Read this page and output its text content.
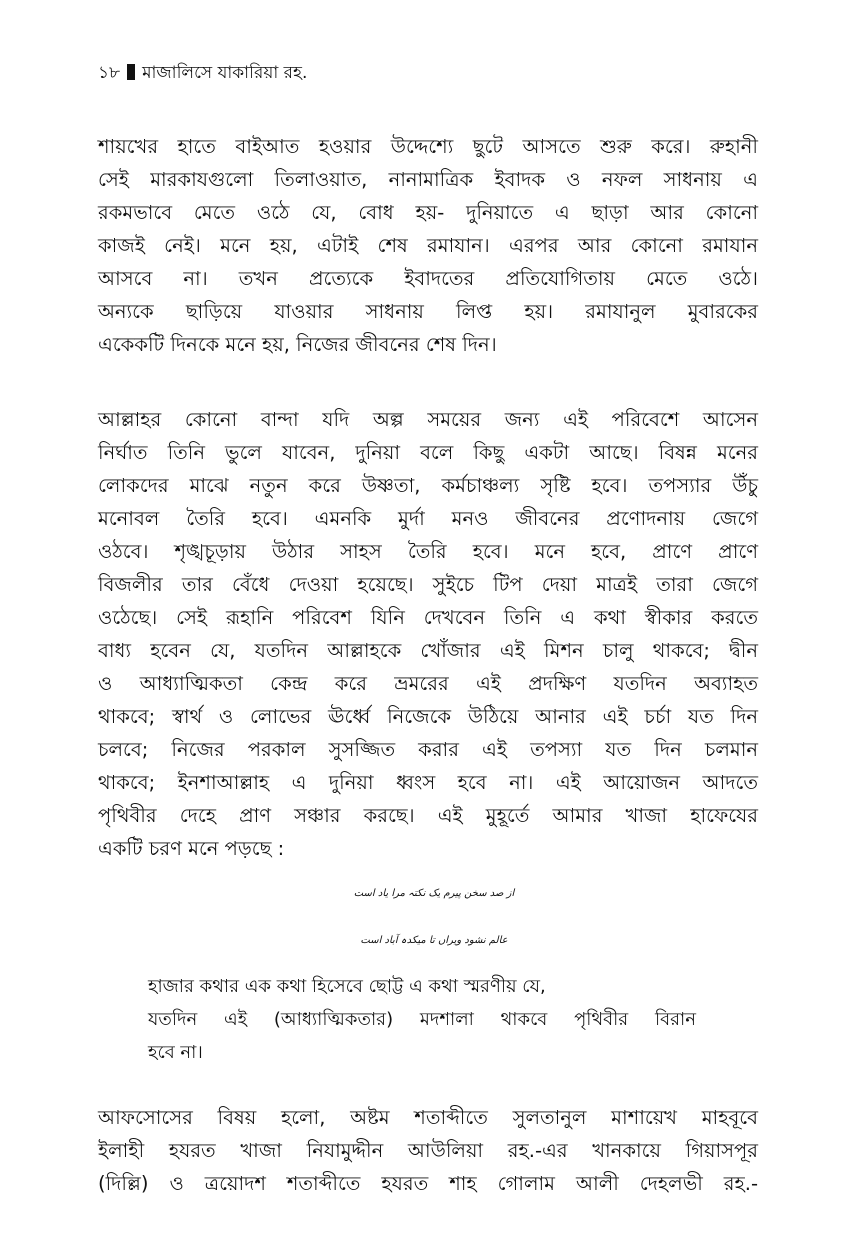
১৮ মাজালিসে যাকারিয়া রহ.
শায়খের হাতে বাইআত হওয়ার উদ্দেশ্যে ছুটে আসতে শুরু করে। রুহানী
সেই মারকাযগুলো তিলাওয়াত, নানামাত্রিক ইবাদক ও নফল সাধনায় এ
রকমভাবে মেতে ওঠে যে, বোধ হয়- দুনিয়াতে এ ছাড়া আর কোনো
কাজই নেই। মনে হয়, এটাই শেষ রমাযান। এরপর আর কোনো রমাযান
আসবে না। তখন প্রত্যেকে ইবাদতের প্রতিযোগিতায় মেতে ওঠে।
অন্যকে ছাড়িয়ে যাওয়ার সাধনায় লিপ্ত হয়। রমাযানুল মুবারকের
একেকটি দিনকে মনে হয়, নিজের জীবনের শেষ দিন।
আল্লাহর কোনো বান্দা যদি অল্প সময়ের জন্য এই পরিবেশে আসেন
নির্ঘাত তিনি ভুলে যাবেন, দুনিয়া বলে কিছু একটা আছে। বিষন্ন মনের
লোকদের মাঝে নতুন করে উষ্ণতা, কর্মচাঞ্চল্য সৃষ্টি হবে। তপস্যার উঁচু
মনোবল তৈরি হবে। এমনকি মুর্দা মনও জীবনের প্রণোদনায় জেগে
ওঠবে। শৃঙ্খচূড়ায় উঠার সাহস তৈরি হবে। মনে হবে, প্রাণে প্রাণে
বিজলীর তার বেঁধে দেওয়া হয়েছে। সুইচে টিপ দেয়া মাত্রই তারা জেগে
ওঠেছে। সেই রূহানি পরিবেশ যিনি দেখবেন তিনি এ কথা স্বীকার করতে
বাধ্য হবেন যে, যতদিন আল্লাহকে খোঁজার এই মিশন চালু থাকবে; দ্বীন
ও আধ্যাত্মিকতা কেন্দ্র করে ভ্রমরের এই প্রদক্ষিণ যতদিন অব্যাহত
থাকবে; স্বার্থ ও লোভের ঊর্ধ্বে নিজেকে উঠিয়ে আনার এই চর্চা যত দিন
চলবে; নিজের পরকাল সুসজ্জিত করার এই তপস্যা যত দিন চলমান
থাকবে; ইনশাআল্লাহ এ দুনিয়া ধ্বংস হবে না। এই আয়োজন আদতে
পৃথিবীর দেহে প্রাণ সঞ্চার করছে। এই মুহূর্তে আমার খাজা হাফেযের
একটি চরণ মনে পড়ছে :
از صد سخن پیرم یک نکتہ مرا یاد است
عالم نشود ویراں تا میکدہ آباد است
হাজার কথার এক কথা হিসেবে ছোট্ট এ কথা স্মরণীয় যে,
যতদিন এই (আধ্যাত্মিকতার) মদশালা থাকবে পৃথিবীর বিরান
হবে না।
আফসোসের বিষয় হলো, অষ্টম শতাব্দীতে সুলতানুল মাশায়েখ মাহবূবে
ইলাহী হযরত খাজা নিযামুদ্দীন আউলিয়া রহ.-এর খানকায়ে গিয়াসপূর
(দিল্লি) ও ত্রয়োদশ শতাব্দীতে হযরত শাহ গোলাম আলী দেহলভী রহ.-
